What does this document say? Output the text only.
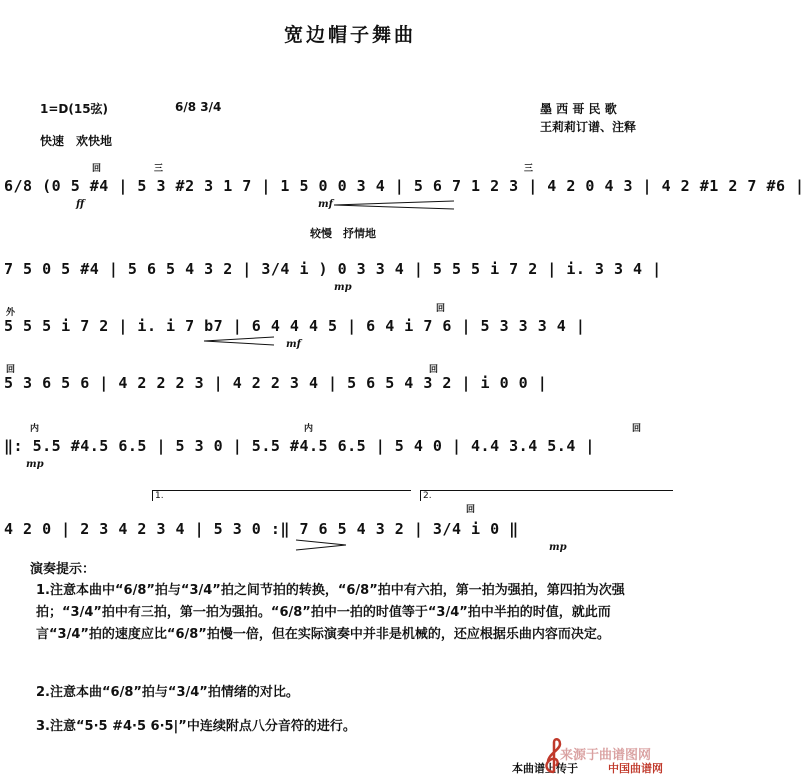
宽边帽子舞曲
1=D(15弦)	6/8 3/4
快速　欢快地
墨 西 哥 民 歌
王莉莉订谱、注释
6/8 (0 5 #4 | 5 3 #2 3 1 7 | 1 5 0 0 3 4 | 5 6 7 1 2 3 | 4 2 0 4 3 | 4 2 #1 2 7 #6 |
回	三	三
ff	mf
较慢　抒情地
7 5 0 5 #4 | 5 6 5 4 3 2 | 3/4 i ) 0 3 3 4 | 5 5 5 i 7 2 | i. 3 3 4 |
mp
5 5 5 i 7 2 | i. i 7 b7 | 6 4 4 4 5 | 6 4 i 7 6 | 5 3 3 3 4 |
外	回
mf
5 3 6 5 6 | 4 2 2 2 3 | 4 2 2 3 4 | 5 6 5 4 3 2 | i 0 0 |
回	回
‖: 5.5 #4.5 6.5 | 5 3 0 | 5.5 #4.5 6.5 | 5 4 0 | 4.4 3.4 5.4 |
内	内	回
mp
1.	2.
4 2 0 | 2 3 4 2 3 4 | 5 3 0 :‖ 7 6 5 4 3 2 | 3/4 i 0 ‖
回
mp
演奏提示：
1.注意本曲中“6/8”拍与“3/4”拍之间节拍的转换，“6/8”拍中有六拍，第一拍为强拍，第四拍为次强拍；“3/4”拍中有三拍，第一拍为强拍。“6/8”拍中一拍的时值等于“3/4”拍中半拍的时值，就此而言“3/4”拍的速度应比“6/8”拍慢一倍，但在实际演奏中并非是机械的，还应根据乐曲内容而决定。
2.注意本曲“6/8”拍与“3/4”拍情绪的对比。
3.注意“5·5 #4·5 6·5|”中连续附点八分音符的进行。
来源于曲谱图网
本曲谱上传于	中国曲谱网
